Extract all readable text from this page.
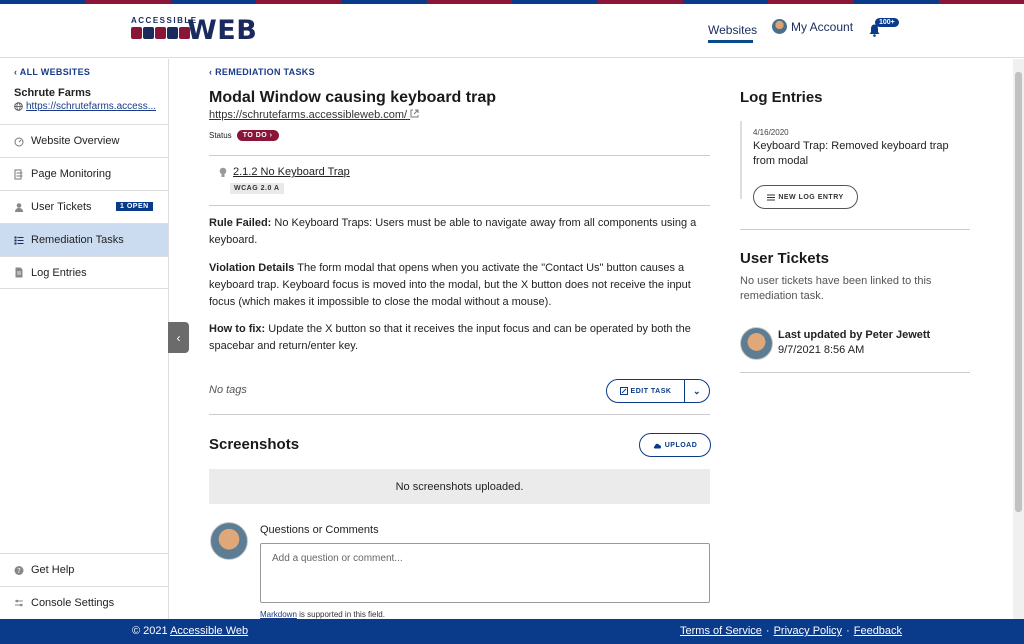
ACCESSIBLE
WEB	Websites	My Account	100+
‹ ALL WEBSITES
Schrute Farms
https://schrutefarms.access...
Website Overview
Page Monitoring
User Tickets	1 OPEN
Remediation Tasks
Log Entries
? Get Help
Console Settings
‹
‹ REMEDIATION TASKS
Modal Window causing keyboard trap
https://schrutefarms.accessibleweb.com/
Status	TO DO ›
2.1.2 No Keyboard Trap
WCAG 2.0 A
Rule Failed: No Keyboard Traps: Users must be able to navigate away from all components using a keyboard.
Violation Details The form modal that opens when you activate the "Contact Us" button causes a keyboard trap. Keyboard focus is moved into the modal, but the X button does not receive the input focus (which makes it impossible to close the modal without a mouse).
How to fix: Update the X button so that it receives the input focus and can be operated by both the spacebar and return/enter key.
No tags	EDIT TASK	⌄
Screenshots	UPLOAD
No screenshots uploaded.
Questions or Comments
Add a question or comment...
Markdown is supported in this field.
Log Entries
4/16/2020
Keyboard Trap: Removed keyboard trap from modal
NEW LOG ENTRY
User Tickets
No user tickets have been linked to this remediation task.
Last updated by Peter Jewett
9/7/2021 8:56 AM
© 2021 Accessible Web	Terms of Service · Privacy Policy · Feedback
